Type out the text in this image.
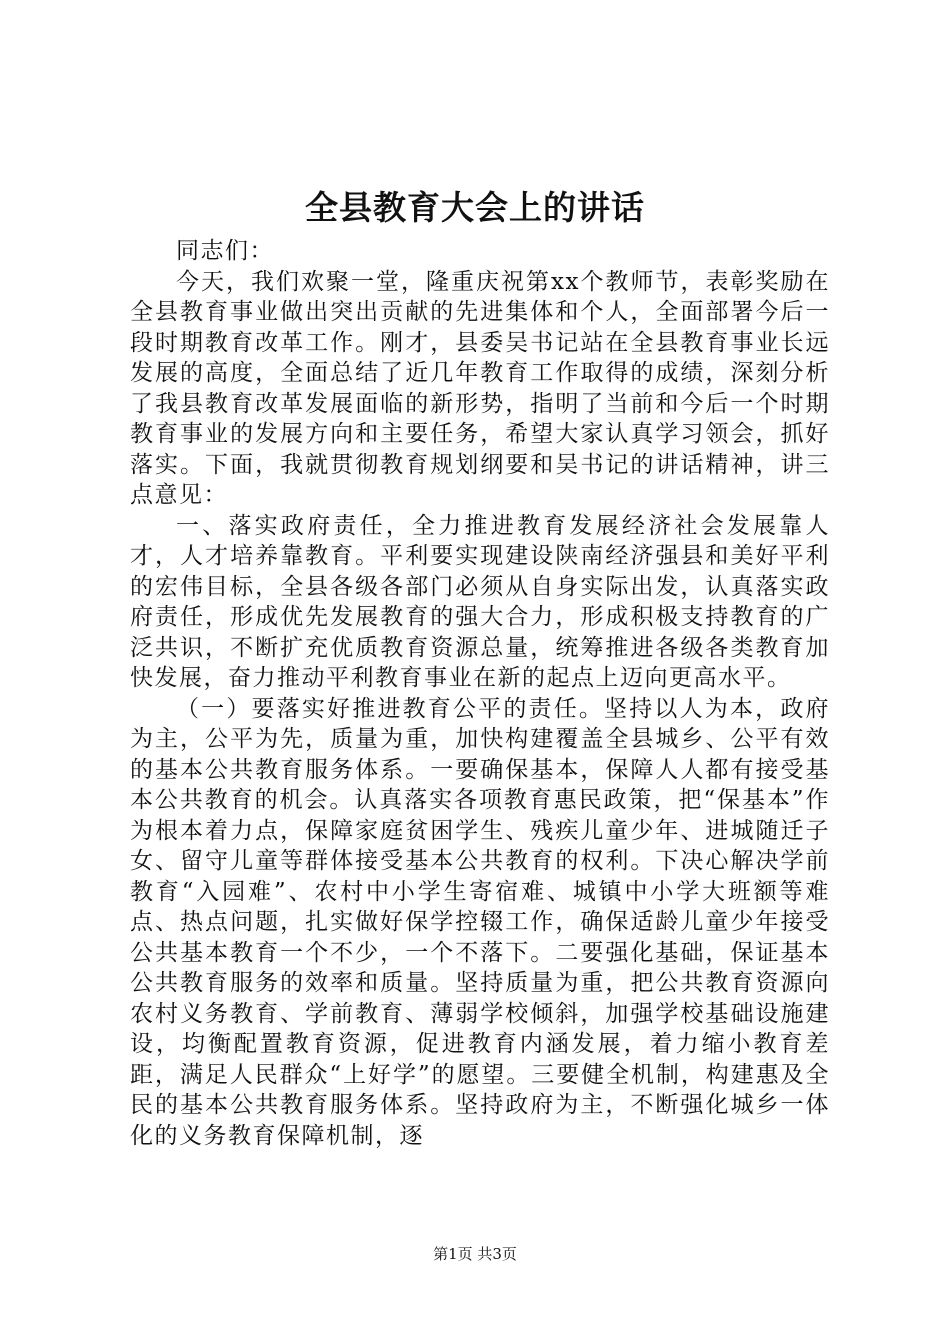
全县教育大会上的讲话

同志们：

今天，我们欢聚一堂，隆重庆祝第xx个教师节，表彰奖励在全县教育事业做出突出贡献的先进集体和个人，全面部署今后一段时期教育改革工作。刚才，县委吴书记站在全县教育事业长远发展的高度，全面总结了近几年教育工作取得的成绩，深刻分析了我县教育改革发展面临的新形势，指明了当前和今后一个时期教育事业的发展方向和主要任务，希望大家认真学习领会，抓好落实。下面，我就贯彻教育规划纲要和吴书记的讲话精神，讲三点意见：

一、落实政府责任，全力推进教育发展经济社会发展靠人才，人才培养靠教育。平利要实现建设陕南经济强县和美好平利的宏伟目标，全县各级各部门必须从自身实际出发，认真落实政府责任，形成优先发展教育的强大合力，形成积极支持教育的广泛共识，不断扩充优质教育资源总量，统筹推进各级各类教育加快发展，奋力推动平利教育事业在新的起点上迈向更高水平。

（一）要落实好推进教育公平的责任。坚持以人为本，政府为主，公平为先，质量为重，加快构建覆盖全县城乡、公平有效的基本公共教育服务体系。一要确保基本，保障人人都有接受基本公共教育的机会。认真落实各项教育惠民政策，把“保基本”作为根本着力点，保障家庭贫困学生、残疾儿童少年、进城随迁子女、留守儿童等群体接受基本公共教育的权利。下决心解决学前教育“入园难”、农村中小学生寄宿难、城镇中小学大班额等难点、热点问题，扎实做好保学控辍工作，确保适龄儿童少年接受公共基本教育一个不少，一个不落下。二要强化基础，保证基本公共教育服务的效率和质量。坚持质量为重，把公共教育资源向农村义务教育、学前教育、薄弱学校倾斜，加强学校基础设施建设，均衡配置教育资源，促进教育内涵发展，着力缩小教育差距，满足人民群众“上好学”的愿望。三要健全机制，构建惠及全民的基本公共教育服务体系。坚持政府为主，不断强化城乡一体化的义务教育保障机制，逐

第1页 共3页
